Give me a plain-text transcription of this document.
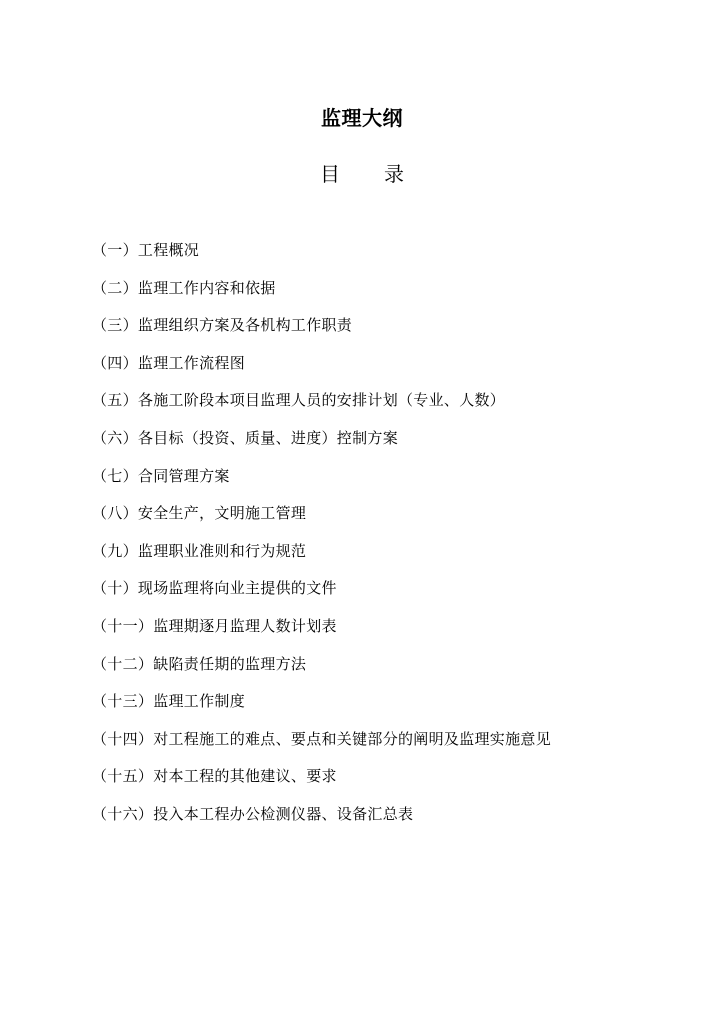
监理大纲
目 录
（一）工程概况
（二）监理工作内容和依据
（三）监理组织方案及各机构工作职责
（四）监理工作流程图
（五）各施工阶段本项目监理人员的安排计划（专业、人数）
（六）各目标（投资、质量、进度）控制方案
（七）合同管理方案
（八）安全生产，文明施工管理
（九）监理职业准则和行为规范
（十）现场监理将向业主提供的文件
（十一）监理期逐月监理人数计划表
（十二）缺陷责任期的监理方法
（十三）监理工作制度
（十四）对工程施工的难点、要点和关键部分的阐明及监理实施意见
（十五）对本工程的其他建议、要求
（十六）投入本工程办公检测仪器、设备汇总表
